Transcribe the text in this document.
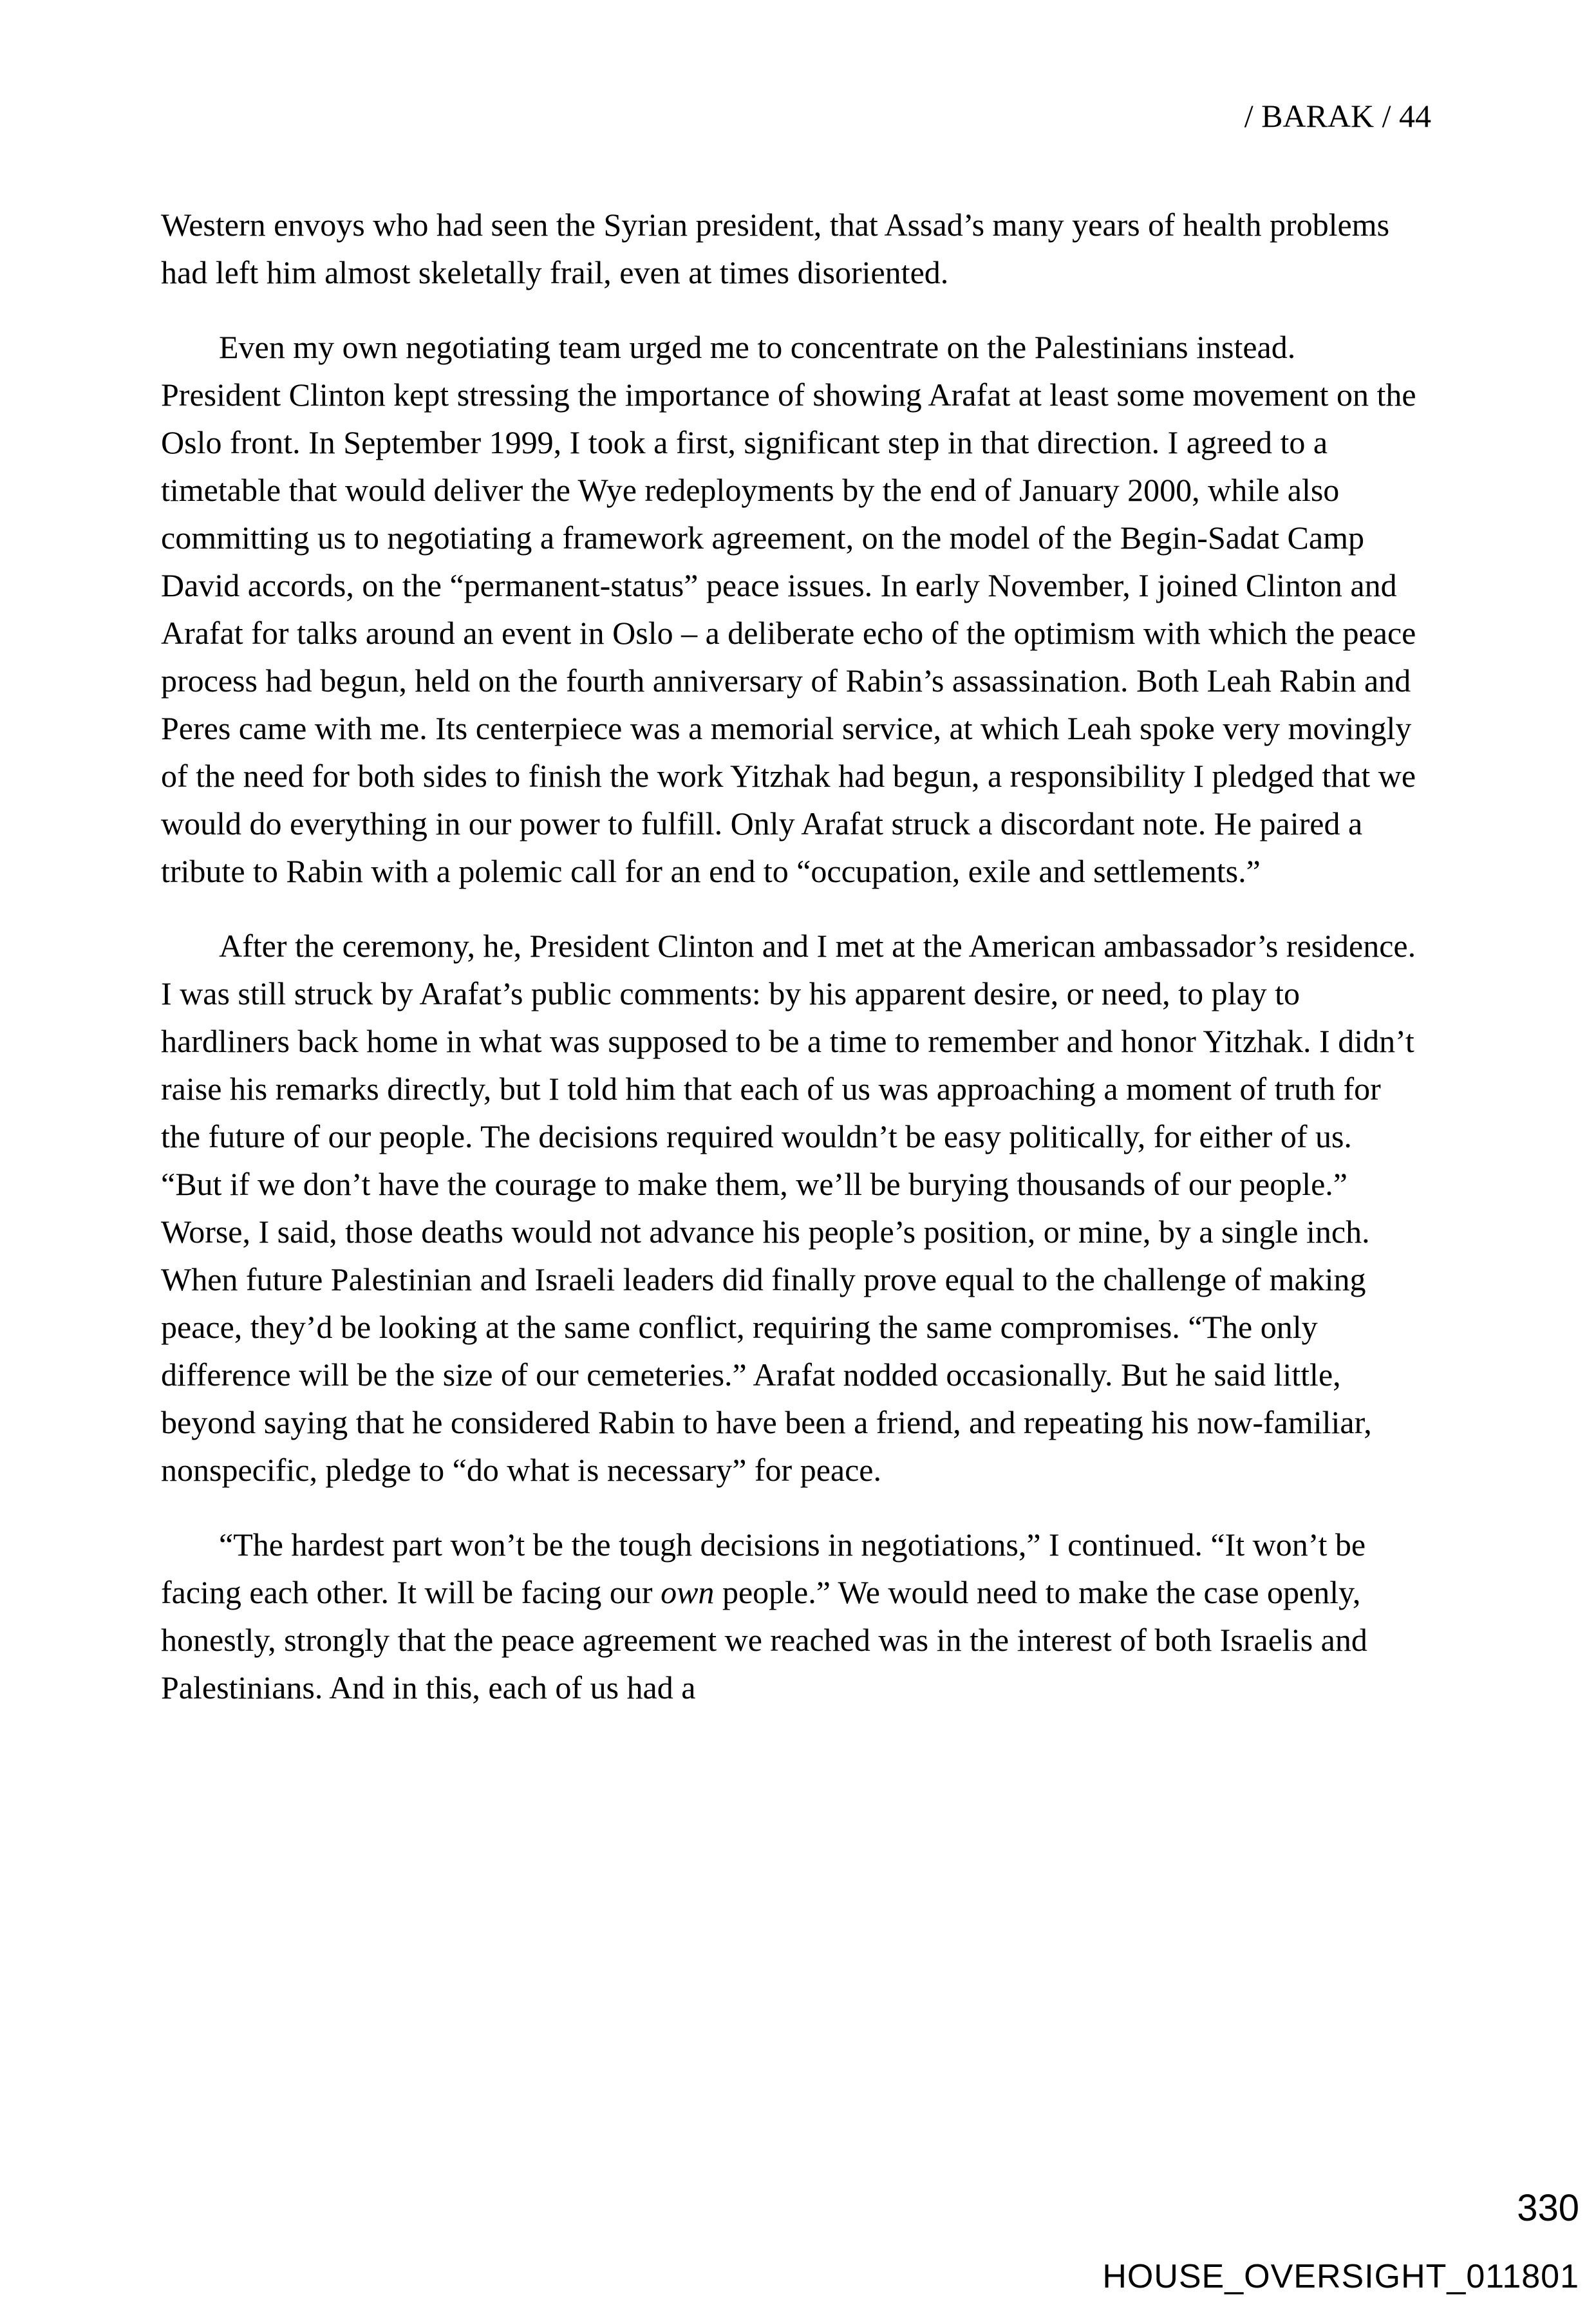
/ BARAK / 44

Western envoys who had seen the Syrian president, that Assad’s many years of health problems had left him almost skeletally frail, even at times disoriented.

Even my own negotiating team urged me to concentrate on the Palestinians instead. President Clinton kept stressing the importance of showing Arafat at least some movement on the Oslo front. In September 1999, I took a first, significant step in that direction. I agreed to a timetable that would deliver the Wye redeployments by the end of January 2000, while also committing us to negotiating a framework agreement, on the model of the Begin-Sadat Camp David accords, on the “permanent-status” peace issues. In early November, I joined Clinton and Arafat for talks around an event in Oslo – a deliberate echo of the optimism with which the peace process had begun, held on the fourth anniversary of Rabin’s assassination. Both Leah Rabin and Peres came with me. Its centerpiece was a memorial service, at which Leah spoke very movingly of the need for both sides to finish the work Yitzhak had begun, a responsibility I pledged that we would do everything in our power to fulfill. Only Arafat struck a discordant note. He paired a tribute to Rabin with a polemic call for an end to “occupation, exile and settlements.”

After the ceremony, he, President Clinton and I met at the American ambassador’s residence. I was still struck by Arafat’s public comments: by his apparent desire, or need, to play to hardliners back home in what was supposed to be a time to remember and honor Yitzhak. I didn’t raise his remarks directly, but I told him that each of us was approaching a moment of truth for the future of our people. The decisions required wouldn’t be easy politically, for either of us. “But if we don’t have the courage to make them, we’ll be burying thousands of our people.” Worse, I said, those deaths would not advance his people’s position, or mine, by a single inch. When future Palestinian and Israeli leaders did finally prove equal to the challenge of making peace, they’d be looking at the same conflict, requiring the same compromises. “The only difference will be the size of our cemeteries.” Arafat nodded occasionally. But he said little, beyond saying that he considered Rabin to have been a friend, and repeating his now-familiar, nonspecific, pledge to “do what is necessary” for peace.

“The hardest part won’t be the tough decisions in negotiations,” I continued. “It won’t be facing each other. It will be facing our own people.” We would need to make the case openly, honestly, strongly that the peace agreement we reached was in the interest of both Israelis and Palestinians. And in this, each of us had a

330
HOUSE_OVERSIGHT_011801
